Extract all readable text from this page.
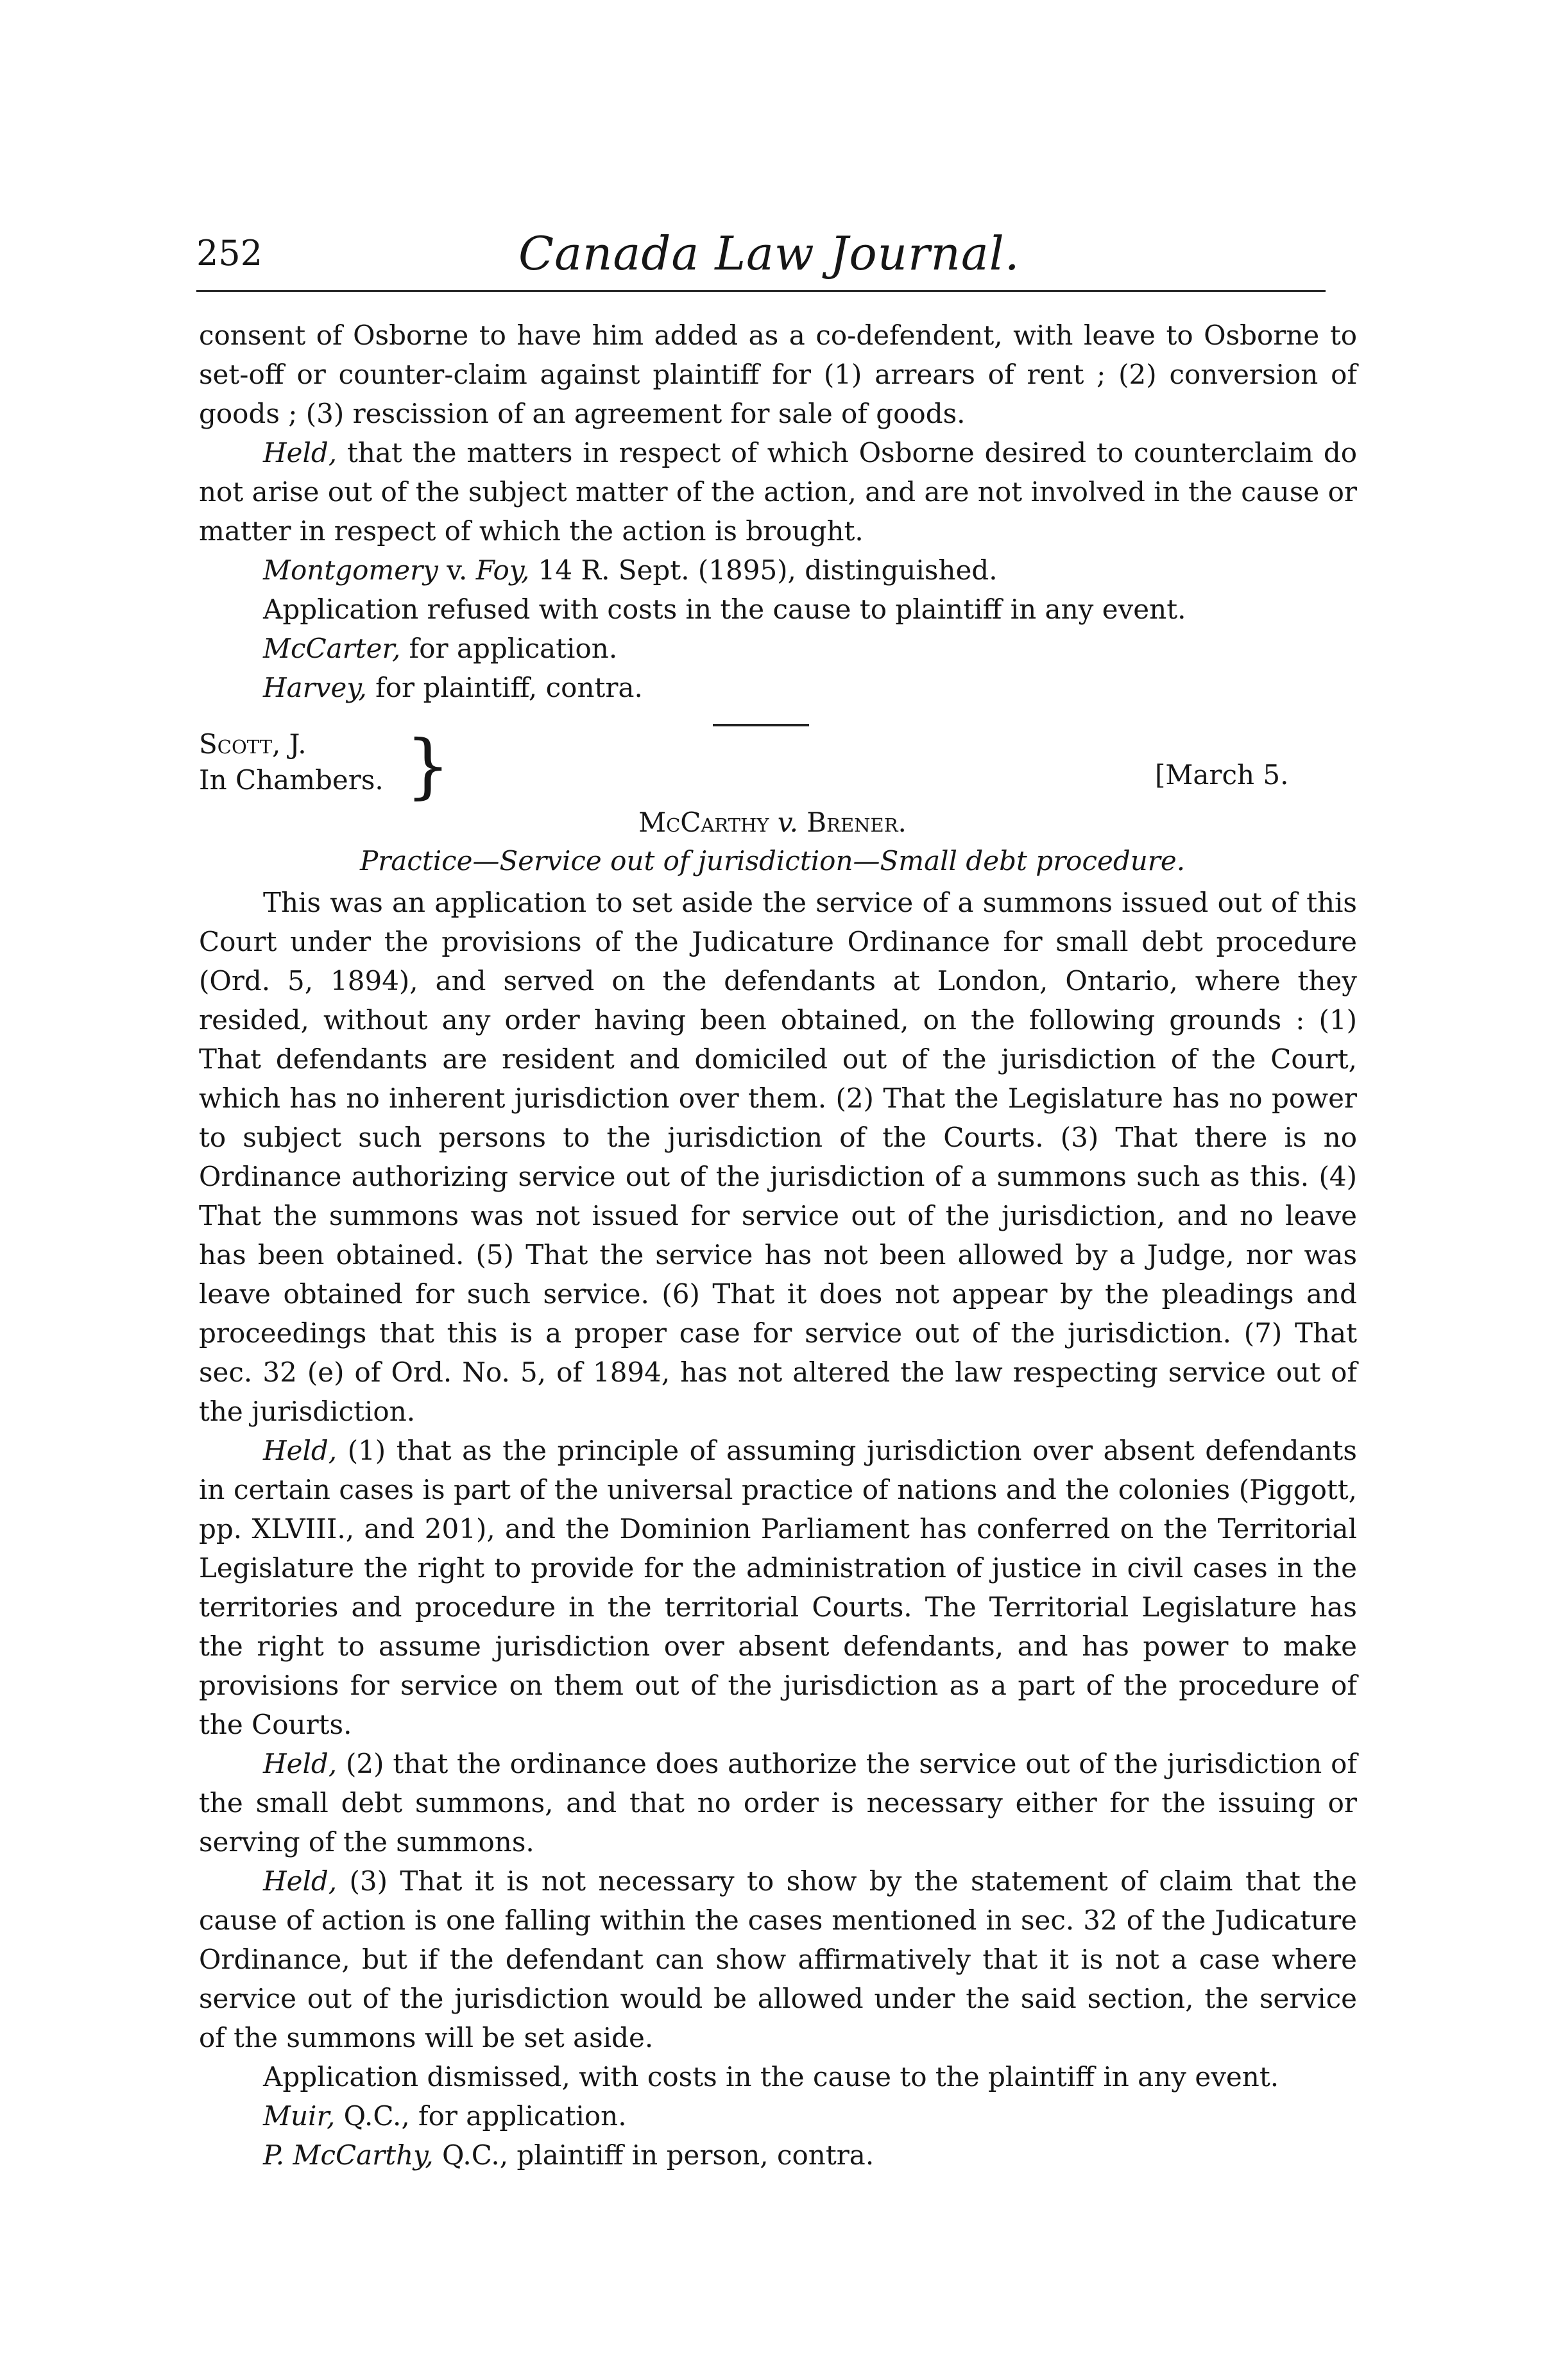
252	Canada Law Journal.

consent of Osborne to have him added as a co-defendent, with leave to Osborne to set-off or counter-claim against plaintiff for (1) arrears of rent ; (2) conversion of goods ; (3) rescission of an agreement for sale of goods.

Held, that the matters in respect of which Osborne desired to counterclaim do not arise out of the subject matter of the action, and are not involved in the cause or matter in respect of which the action is brought.

Montgomery v. Foy, 14 R. Sept. (1895), distinguished.

Application refused with costs in the cause to plaintiff in any event.

McCarter, for application.

Harvey, for plaintiff, contra.

Scott, J.
In Chambers. }	[March 5.
McCarthy v. Brener.
Practice—Service out of jurisdiction—Small debt procedure.

This was an application to set aside the service of a summons issued out of this Court under the provisions of the Judicature Ordinance for small debt procedure (Ord. 5, 1894), and served on the defendants at London, Ontario, where they resided, without any order having been obtained, on the following grounds : (1) That defendants are resident and domiciled out of the jurisdiction of the Court, which has no inherent jurisdiction over them. (2) That the Legislature has no power to subject such persons to the jurisdiction of the Courts. (3) That there is no Ordinance authorizing service out of the jurisdiction of a summons such as this. (4) That the summons was not issued for service out of the jurisdiction, and no leave has been obtained. (5) That the service has not been allowed by a Judge, nor was leave obtained for such service. (6) That it does not appear by the pleadings and proceedings that this is a proper case for service out of the jurisdiction. (7) That sec. 32 (e) of Ord. No. 5, of 1894, has not altered the law respecting service out of the jurisdiction.

Held, (1) that as the principle of assuming jurisdiction over absent defendants in certain cases is part of the universal practice of nations and the colonies (Piggott, pp. XLVIII., and 201), and the Dominion Parliament has conferred on the Territorial Legislature the right to provide for the administration of justice in civil cases in the territories and procedure in the territorial Courts. The Territorial Legislature has the right to assume jurisdiction over absent defendants, and has power to make provisions for service on them out of the jurisdiction as a part of the procedure of the Courts.

Held, (2) that the ordinance does authorize the service out of the jurisdiction of the small debt summons, and that no order is necessary either for the issuing or serving of the summons.

Held, (3) That it is not necessary to show by the statement of claim that the cause of action is one falling within the cases mentioned in sec. 32 of the Judicature Ordinance, but if the defendant can show affirmatively that it is not a case where service out of the jurisdiction would be allowed under the said section, the service of the summons will be set aside.

Application dismissed, with costs in the cause to the plaintiff in any event.

Muir, Q.C., for application.

P. McCarthy, Q.C., plaintiff in person, contra.
